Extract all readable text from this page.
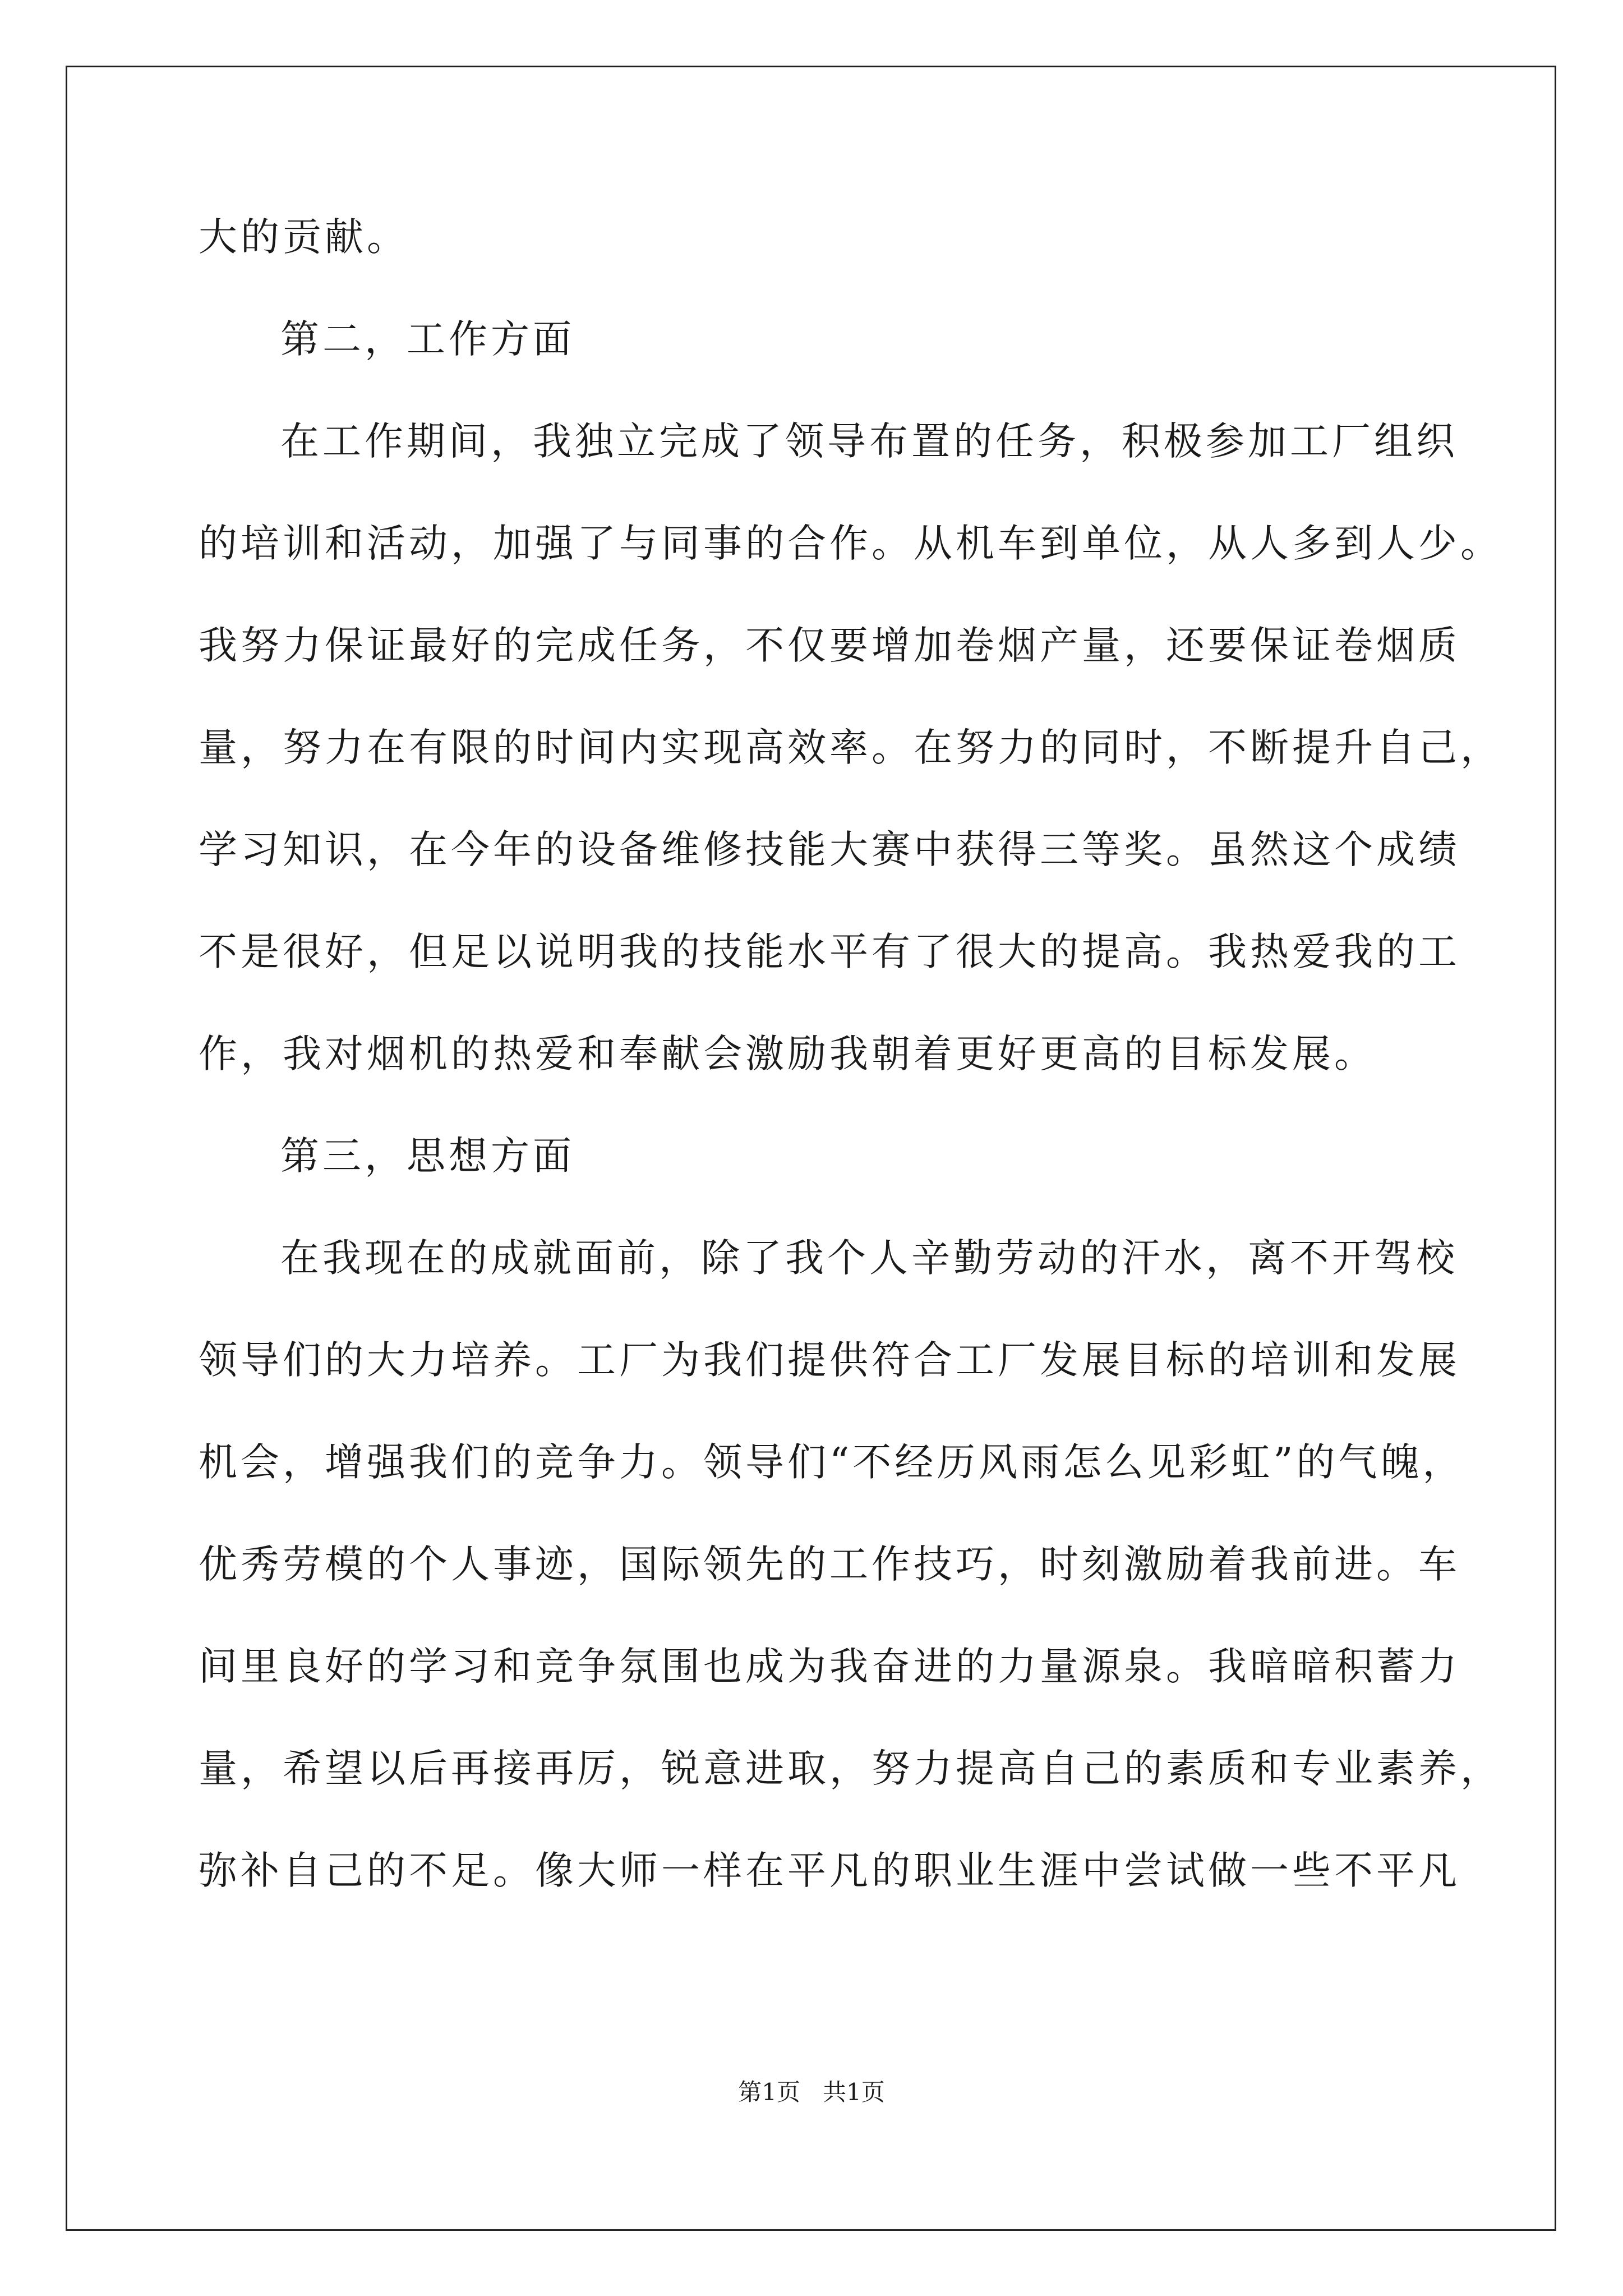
大的贡献。
第二，工作方面
在工作期间，我独立完成了领导布置的任务，积极参加工厂组织
的培训和活动，加强了与同事的合作。从机车到单位，从人多到人少。
我努力保证最好的完成任务，不仅要增加卷烟产量，还要保证卷烟质
量，努力在有限的时间内实现高效率。在努力的同时，不断提升自己，
学习知识，在今年的设备维修技能大赛中获得三等奖。虽然这个成绩
不是很好，但足以说明我的技能水平有了很大的提高。我热爱我的工
作，我对烟机的热爱和奉献会激励我朝着更好更高的目标发展。
第三，思想方面
在我现在的成就面前，除了我个人辛勤劳动的汗水，离不开驾校
领导们的大力培养。工厂为我们提供符合工厂发展目标的培训和发展
机会，增强我们的竞争力。领导们“不经历风雨怎么见彩虹”的气魄，
优秀劳模的个人事迹，国际领先的工作技巧，时刻激励着我前进。车
间里良好的学习和竞争氛围也成为我奋进的力量源泉。我暗暗积蓄力
量，希望以后再接再厉，锐意进取，努力提高自己的素质和专业素养，
弥补自己的不足。像大师一样在平凡的职业生涯中尝试做一些不平凡
第1页   共1页
